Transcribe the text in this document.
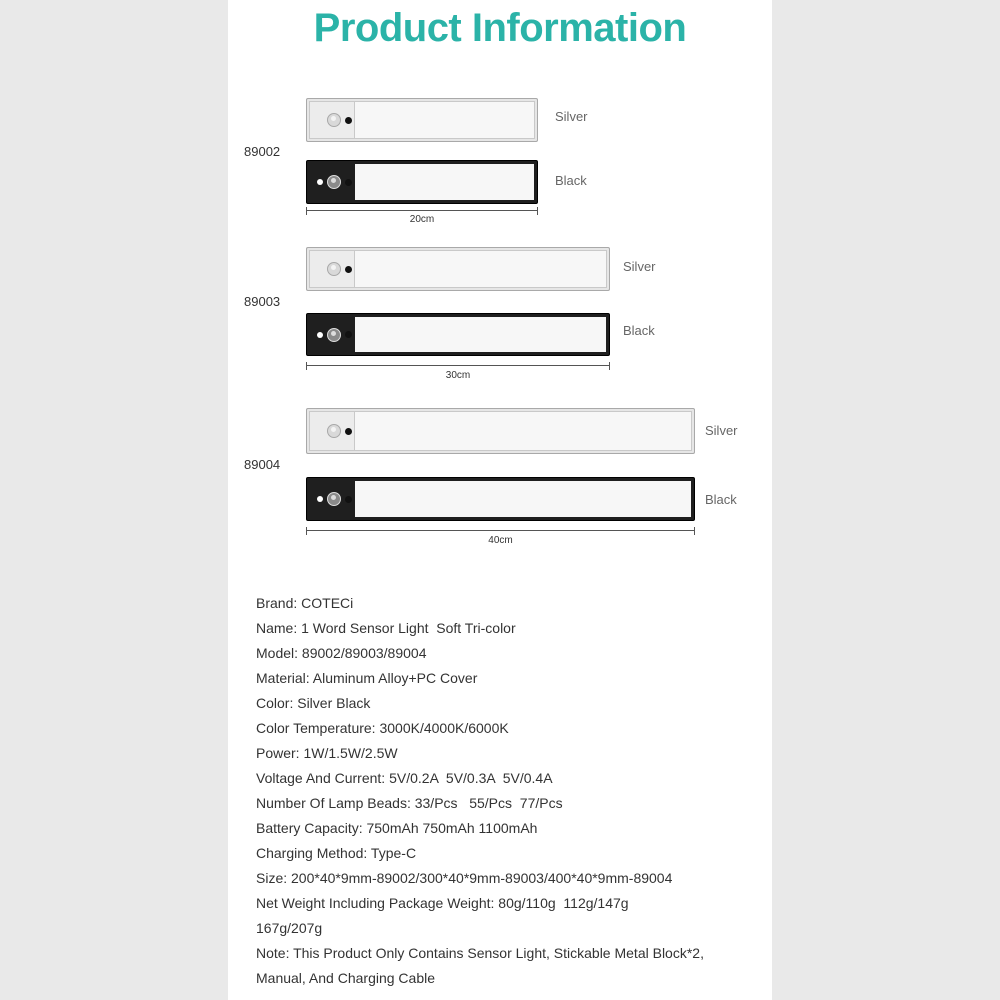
Product Information
89002
Silver
Black
20cm
89003
Silver
Black
30cm
89004
Silver
Black
40cm
Brand: COTECi
Name: 1 Word Sensor Light  Soft Tri-color
Model: 89002/89003/89004
Material: Aluminum Alloy+PC Cover
Color: Silver Black
Color Temperature: 3000K/4000K/6000K
Power: 1W/1.5W/2.5W
Voltage And Current: 5V/0.2A  5V/0.3A  5V/0.4A
Number Of Lamp Beads: 33/Pcs   55/Pcs  77/Pcs
Battery Capacity: 750mAh 750mAh 1100mAh
Charging Method: Type-C
Size: 200*40*9mm-89002/300*40*9mm-89003/400*40*9mm-89004
Net Weight Including Package Weight: 80g/110g  112g/147g
167g/207g
Note: This Product Only Contains Sensor Light, Stickable Metal Block*2,
Manual, And Charging Cable
